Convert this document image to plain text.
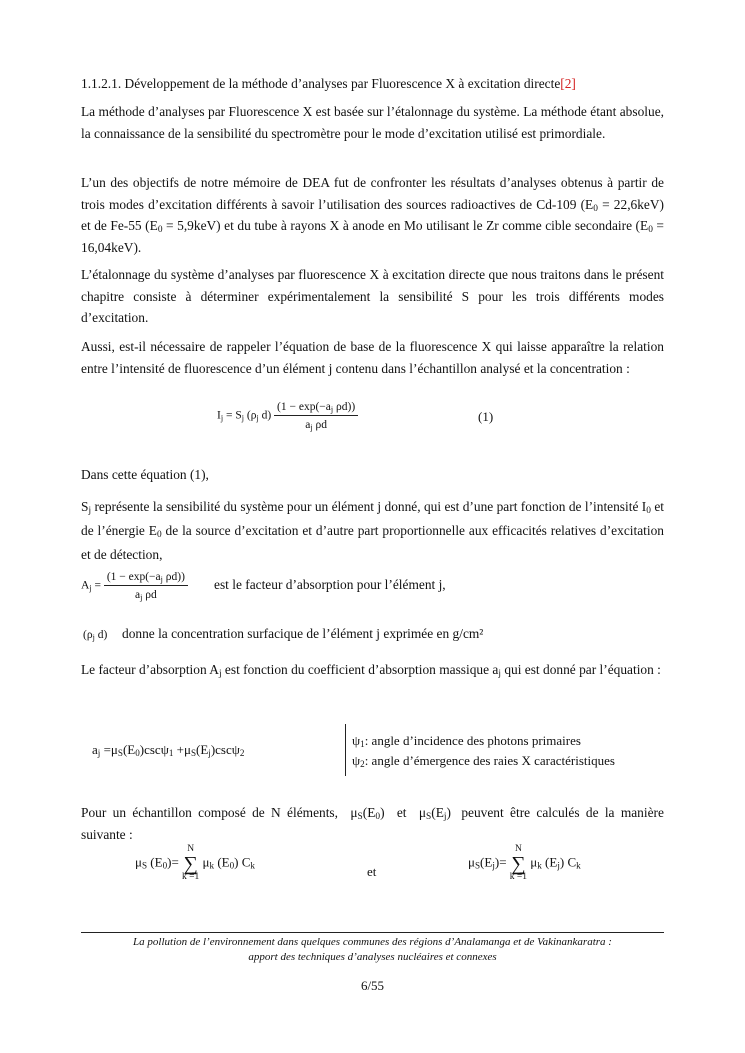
1.1.2.1. Développement de la méthode d’analyses par Fluorescence X à excitation directe[2]

La méthode d’analyses par Fluorescence X est basée sur l’étalonnage du système. La méthode étant absolue, la connaissance de la sensibilité du spectromètre pour le mode d’excitation utilisé est primordiale.

L’un des objectifs de notre mémoire de DEA fut de confronter les résultats d’analyses obtenus à partir de trois modes d’excitation différents à savoir l’utilisation des sources radioactives de Cd-109 $(E_0 = 22,6keV)$ et de Fe-55 $(E_0 = 5,9keV)$ et du tube à rayons X à anode en Mo utilisant le Zr comme cible secondaire $(E_0 = 16,04keV)$.

L’étalonnage du système d’analyses par fluorescence X à excitation directe que nous traitons dans le présent chapitre consiste à déterminer expérimentalement la sensibilité S pour les trois différents modes d’excitation.

Aussi, est-il nécessaire de rappeler l’équation de base de la fluorescence X qui laisse apparaître la relation entre l’intensité de fluorescence d’un élément j contenu dans l’échantillon analysé et la concentration :

$I_j = S_j$ ($\rho_j$ $d) \frac{(1 - \exp(-a_j \rho d))}{a_j \rho d}$	(1)

Dans cette équation (1),

$S_j$ représente la sensibilité du système pour un élément j donné, qui est d’une part fonction de l’intensité $I_0$ et de l’énergie $E_0$ de la source d’excitation et d’autre part proportionnelle aux efficacités relatives d’excitation et de détection,

$A_j = \frac{(1 - \exp(-a_j \rho d))}{a_j \rho d}$ est le facteur d’absorption pour l’élément j,

($\rho_j$ d) donne la concentration surfacique de l’élément j exprimée en g/cm²

Le facteur d’absorption $A_j$ est fonction du coefficient d’absorption massique $a_j$ qui est donné par l’équation :

$a_j =\mu_S(E_0)\csc\psi_1 +\mu_S(E_j)\csc\psi_2$
$\psi_1$: angle d’incidence des photons primaires
$\psi_2$: angle d’émergence des raies X caractéristiques

Pour un échantillon composé de N éléments, $\mu_S(E_0)$ et $\mu_S(E_j)$ peuvent être calculés de la manière suivante :

$\mu_S$ $(E_0)=$
N
∑
k =1
$\mu_k$ $(E_0)$ $C_k$	et
$\mu_S(E_j)=$
N
∑
k =1
$\mu_k$ $(E_j)$ $C_k$
La pollution de l’environnement dans quelques communes des régions d’Analamanga et de Vakinankaratra :
apport des techniques d’analyses nucléaires et connexes
6/55
